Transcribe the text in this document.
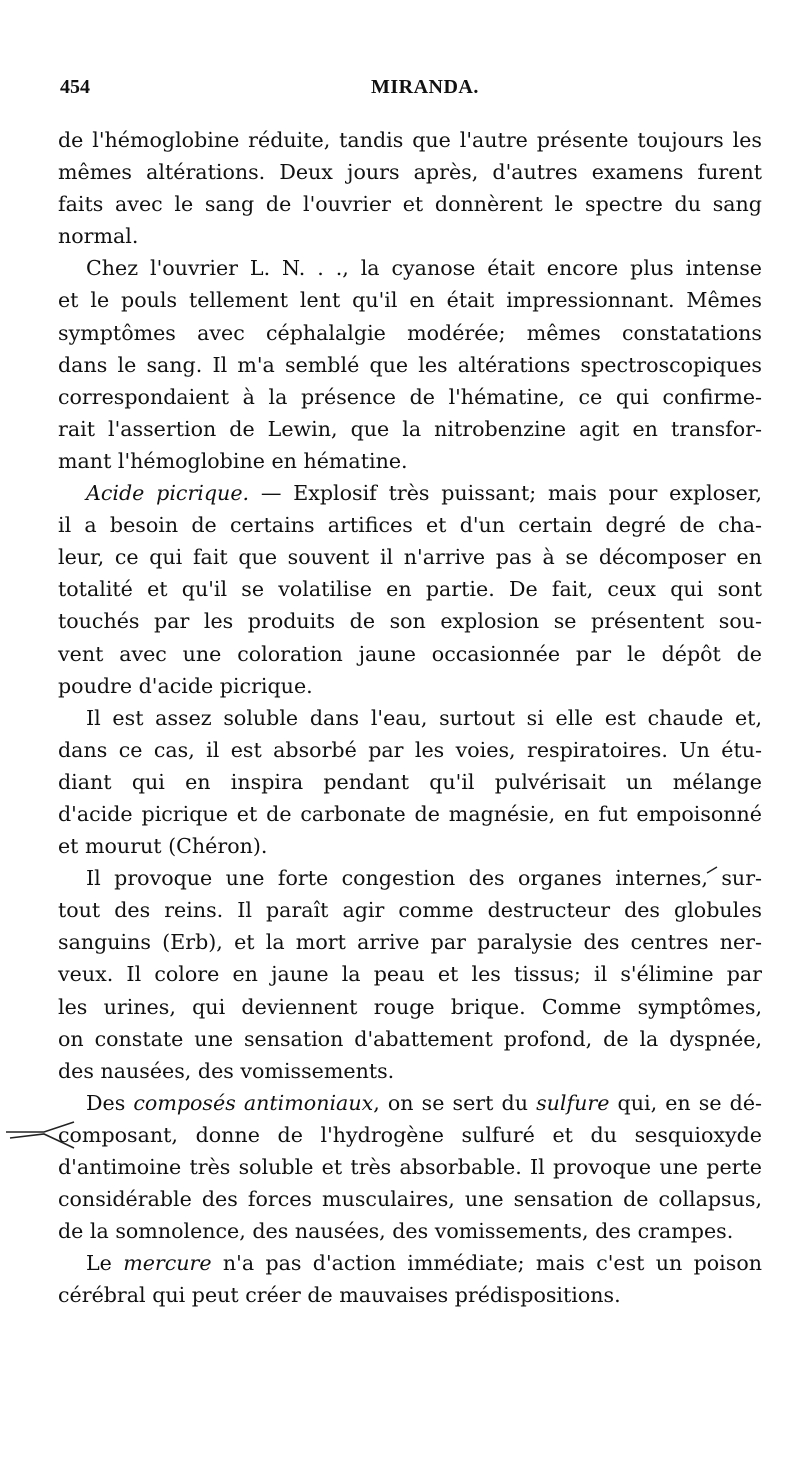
454	MIRANDA.
de l'hémoglobine réduite, tandis que l'autre présente toujours les
mêmes altérations. Deux jours après, d'autres examens furent
faits avec le sang de l'ouvrier et donnèrent le spectre du sang
normal.
Chez l'ouvrier L. N. . ., la cyanose était encore plus intense
et le pouls tellement lent qu'il en était impressionnant. Mêmes
symptômes avec céphalalgie modérée; mêmes constatations
dans le sang. Il m'a semblé que les altérations spectroscopiques
correspondaient à la présence de l'hématine, ce qui confirme-
rait l'assertion de Lewin, que la nitrobenzine agit en transfor-
mant l'hémoglobine en hématine.
Acide picrique. — Explosif très puissant; mais pour exploser,
il a besoin de certains artifices et d'un certain degré de cha-
leur, ce qui fait que souvent il n'arrive pas à se décomposer en
totalité et qu'il se volatilise en partie. De fait, ceux qui sont
touchés par les produits de son explosion se présentent sou-
vent avec une coloration jaune occasionnée par le dépôt de
poudre d'acide picrique.
Il est assez soluble dans l'eau, surtout si elle est chaude et,
dans ce cas, il est absorbé par les voies, respiratoires. Un étu-
diant qui en inspira pendant qu'il pulvérisait un mélange
d'acide picrique et de carbonate de magnésie, en fut empoisonné
et mourut (Chéron).
Il provoque une forte congestion des organes internes, sur-
tout des reins. Il paraît agir comme destructeur des globules
sanguins (Erb), et la mort arrive par paralysie des centres ner-
veux. Il colore en jaune la peau et les tissus; il s'élimine par
les urines, qui deviennent rouge brique. Comme symptômes,
on constate une sensation d'abattement profond, de la dyspnée,
des nausées, des vomissements.
Des composés antimoniaux, on se sert du sulfure qui, en se dé-
composant, donne de l'hydrogène sulfuré et du sesquioxyde
d'antimoine très soluble et très absorbable. Il provoque une perte
considérable des forces musculaires, une sensation de collapsus,
de la somnolence, des nausées, des vomissements, des crampes.
Le mercure n'a pas d'action immédiate; mais c'est un poison
cérébral qui peut créer de mauvaises prédispositions.
